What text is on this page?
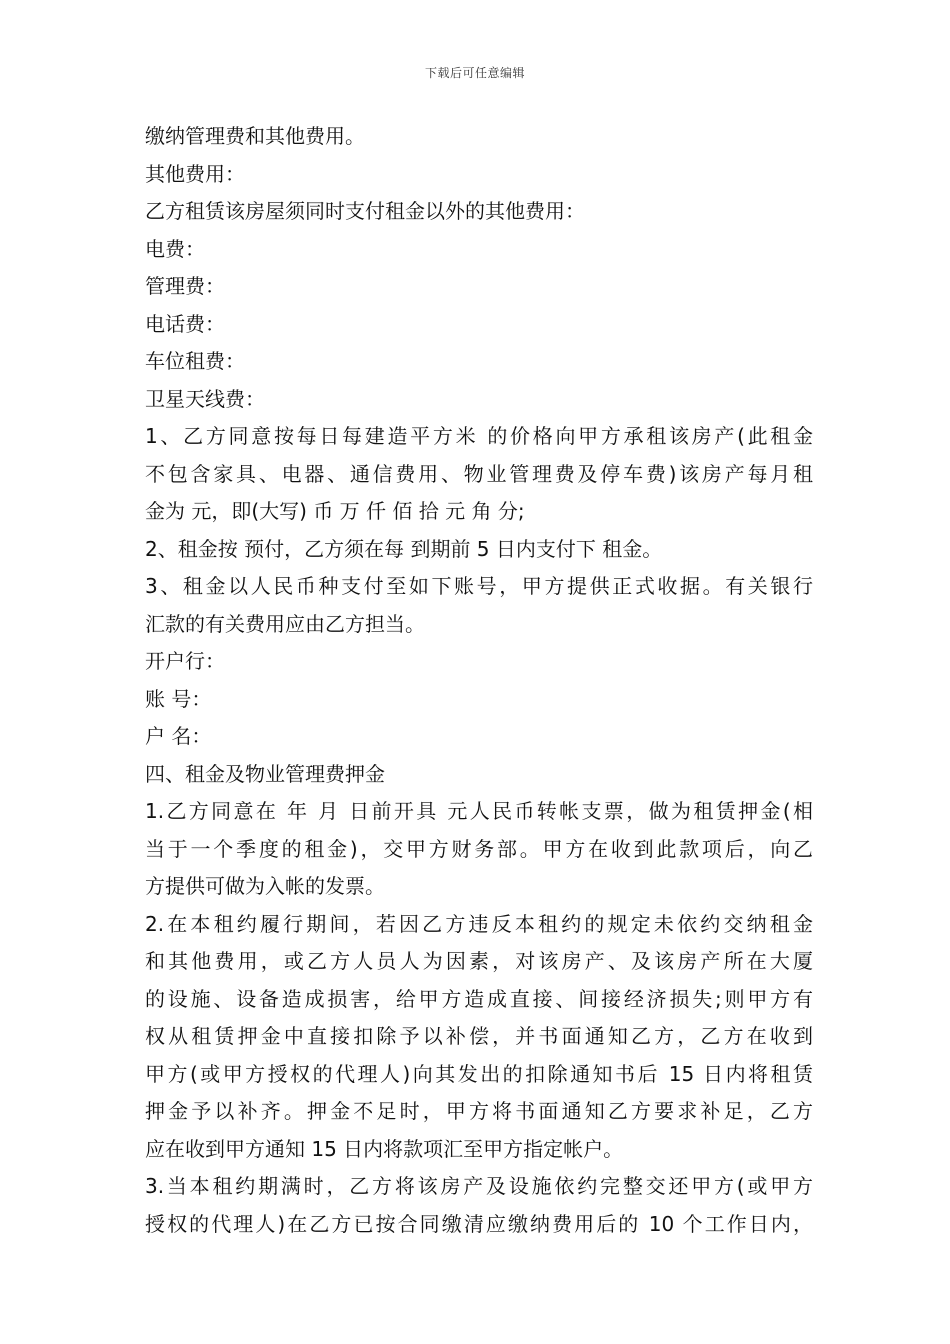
下载后可任意编辑
缴纳管理费和其他费用。
其他费用：
乙方租赁该房屋须同时支付租金以外的其他费用：
电费：
管理费：
电话费：
车位租费：
卫星天线费：
1、乙方同意按每日每建造平方米 的价格向甲方承租该房产(此租金
不包含家具、电器、通信费用、物业管理费及停车费)该房产每月租
金为 元，即(大写) 币 万 仟 佰 拾 元 角 分;
2、租金按 预付，乙方须在每 到期前 5 日内支付下 租金。
3、租金以人民币种支付至如下账号，甲方提供正式收据。有关银行
汇款的有关费用应由乙方担当。
开户行：
账 号：
户 名：
四、租金及物业管理费押金
1.乙方同意在 年 月 日前开具 元人民币转帐支票，做为租赁押金(相
当于一个季度的租金)，交甲方财务部。甲方在收到此款项后，向乙
方提供可做为入帐的发票。
2.在本租约履行期间，若因乙方违反本租约的规定未依约交纳租金
和其他费用，或乙方人员人为因素，对该房产、及该房产所在大厦
的设施、设备造成损害，给甲方造成直接、间接经济损失;则甲方有
权从租赁押金中直接扣除予以补偿，并书面通知乙方，乙方在收到
甲方(或甲方授权的代理人)向其发出的扣除通知书后 15 日内将租赁
押金予以补齐。押金不足时，甲方将书面通知乙方要求补足，乙方
应在收到甲方通知 15 日内将款项汇至甲方指定帐户。
3.当本租约期满时，乙方将该房产及设施依约完整交还甲方(或甲方
授权的代理人)在乙方已按合同缴清应缴纳费用后的 10 个工作日内，
